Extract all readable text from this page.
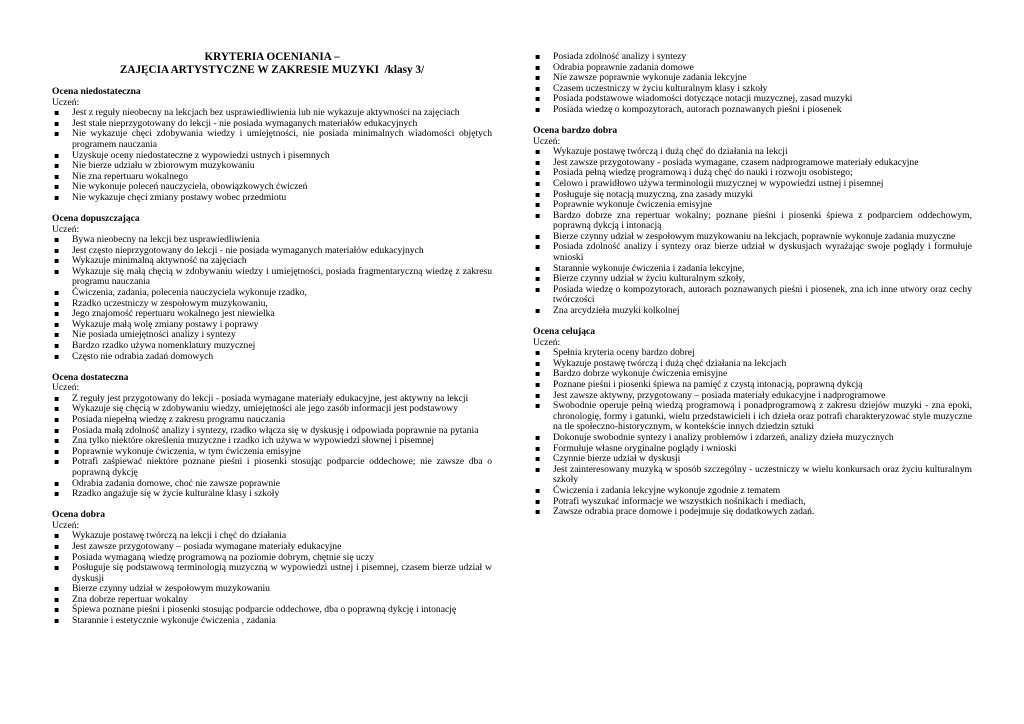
KRYTERIA OCENIANIA –
ZAJĘCIA ARTYSTYCZNE W ZAKRESIE MUZYKI  /klasy 3/
Ocena niedostateczna
Uczeń:
▪ Jest z reguły nieobecny na lekcjach bez usprawiedliwienia lub nie wykazuje aktywności na zajęciach
▪ Jest stale nieprzygotowany do lekcji - nie posiada wymaganych materiałów edukacyjnych
▪ Nie wykazuje chęci zdobywania wiedzy i umiejętności, nie posiada minimalnych wiadomości objętych programem nauczania
▪ Uzyskuje oceny niedostateczne z wypowiedzi ustnych i pisemnych
▪ Nie bierze udziału w zbiorowym muzykowaniu
▪ Nie zna repertuaru wokalnego
▪ Nie wykonuje poleceń nauczyciela, obowiązkowych ćwiczeń
▪ Nie wykazuje chęci zmiany postawy wobec przedmiotu
Ocena dopuszczająca
Uczeń:
▪ Bywa nieobecny na lekcji bez usprawiedliwienia
▪ Jest często nieprzygotowany do lekcji - nie posiada wymaganych materiałów edukacyjnych
▪ Wykazuje minimalną aktywność na zajęciach
▪ Wykazuje się małą chęcią w zdobywaniu wiedzy i umiejętności, posiada fragmentaryczną wiedzę z zakresu programu nauczania
▪ Ćwiczenia, zadania, polecenia nauczyciela wykonuje rzadko,
▪ Rzadko uczestniczy w zespołowym muzykowaniu,
▪ Jego znajomość repertuaru wokalnego jest niewielka
▪ Wykazuje małą wolę zmiany postawy i poprawy
▪ Nie posiada umiejętności analizy i syntezy
▪ Bardzo rzadko używa nomenklatury muzycznej
▪ Często nie odrabia zadań domowych
Ocena dostateczna
Uczeń:
▪ Z reguły jest przygotowany do lekcji - posiada wymagane materiały edukacyjne, jest aktywny na lekcji
▪ Wykazuje się chęcią w zdobywaniu wiedzy, umiejętności ale jego zasób informacji jest podstawowy
▪ Posiada niepełną wiedzę z zakresu programu nauczania
▪ Posiada małą zdolność analizy i syntezy, rzadko włącza się w dyskusję i odpowiada poprawnie na pytania
▪ Zna tylko niektóre określenia muzyczne i rzadko ich używa w wypowiedzi słownej i pisemnej
▪ Poprawnie wykonuje ćwiczenia, w tym ćwiczenia emisyjne
▪ Potrafi zaśpiewać niektóre poznane pieśni i piosenki stosując podparcie oddechowe; nie zawsze dba o poprawną dykcję
▪ Odrabia zadania domowe, choć nie zawsze poprawnie
▪ Rzadko angażuje się w życie kulturalne klasy i szkoły
Ocena dobra
Uczeń:
▪ Wykazuje postawę twórczą na lekcji i chęć do działania
▪ Jest zawsze przygotowany – posiada wymagane materiały edukacyjne
▪ Posiada wymaganą wiedzę programową na poziomie dobrym, chętnie się uczy
▪ Posługuje się podstawową terminologią muzyczną w wypowiedzi ustnej i pisemnej, czasem bierze udział w dyskusji
▪ Bierze czynny udział w zespołowym muzykowaniu
▪ Zna dobrze repertuar wokalny
▪ Śpiewa poznane pieśni i piosenki stosując podparcie oddechowe, dba o poprawną dykcję i intonację
▪ Starannie i estetycznie wykonuje ćwiczenia , zadania
▪ Posiada zdolność analizy i syntezy
▪ Odrabia poprawnie zadania domowe
▪ Nie zawsze poprawnie wykonuje zadania lekcyjne
▪ Czasem uczestniczy w życiu kulturalnym klasy i szkoły
▪ Posiada podstawowe wiadomości dotyczące notacji muzycznej, zasad muzyki
▪ Posiada wiedzę o kompozytorach, autorach poznawanych pieśni i piosenek
Ocena bardzo dobra
Uczeń:
▪ Wykazuje postawę twórczą i dużą chęć do działania na lekcji
▪ Jest zawsze przygotowany - posiada wymagane, czasem nadprogramowe materiały edukacyjne
▪ Posiada pełną wiedzę programową i dużą chęć do nauki i rozwoju osobistego;
▪ Celowo i prawidłowo używa terminologii muzycznej w wypowiedzi ustnej i pisemnej
▪ Posługuje się notacją muzyczną, zna zasady muzyki
▪ Poprawnie wykonuje ćwiczenia emisyjne
▪ Bardzo dobrze zna repertuar wokalny; poznane pieśni i piosenki śpiewa z podparciem oddechowym, poprawną dykcją i intonacją
▪ Bierze czynny udział w zespołowym muzykowaniu na lekcjach, poprawnie wykonuje zadania muzyczne
▪ Posiada zdolność analizy i syntezy oraz bierze udział w dyskusjach wyrażając swoje poglądy i formułuje wnioski
▪ Starannie wykonuje ćwiczenia i zadania lekcyjne,
▪ Bierze czynny udział w życiu kulturalnym szkoły,
▪ Posiada wiedzę o kompozytorach, autorach poznawanych pieśni i piosenek, zna ich inne utwory oraz cechy twórczości
▪ Zna arcydzieła muzyki kolkolnej
Ocena celująca
Uczeń:
▪ Spełnia kryteria oceny bardzo dobrej
▪ Wykazuje postawę twórczą i dużą chęć działania na lekcjach
▪ Bardzo dobrze wykonuje ćwiczenia emisyjne
▪ Poznane pieśni i piosenki śpiewa na pamięć z czystą intonacją, poprawną dykcją
▪ Jest zawsze aktywny, przygotowany – posiada materiały edukacyjne i nadprogramowe
▪ Swobodnie operuje pełną wiedzą programową i ponadprogramową z zakresu dziejów muzyki - zna epoki, chronologię, formy i gatunki, wielu przedstawicieli i ich dzieła oraz potrafi charakteryzować style muzyczne na tle społeczno-historycznym, w kontekście innych dziedzin sztuki
▪ Dokonuje swobodnie syntezy i analizy problemów i zdarzeń, analizy dzieła muzycznych
▪ Formułuje własne oryginalne poglądy i wnioski
▪ Czynnie bierze udział w dyskusji
▪ Jest zainteresowany muzyką w sposób szczególny - uczestniczy w wielu konkursach oraz życiu kulturalnym szkoły
▪ Ćwiczenia i zadania lekcyjne wykonuje zgodnie z tematem
▪ Potrafi wyszukać informacje we wszystkich nośnikach i mediach,
▪ Zawsze odrabia prace domowe i podejmuje się dodatkowych zadań.
